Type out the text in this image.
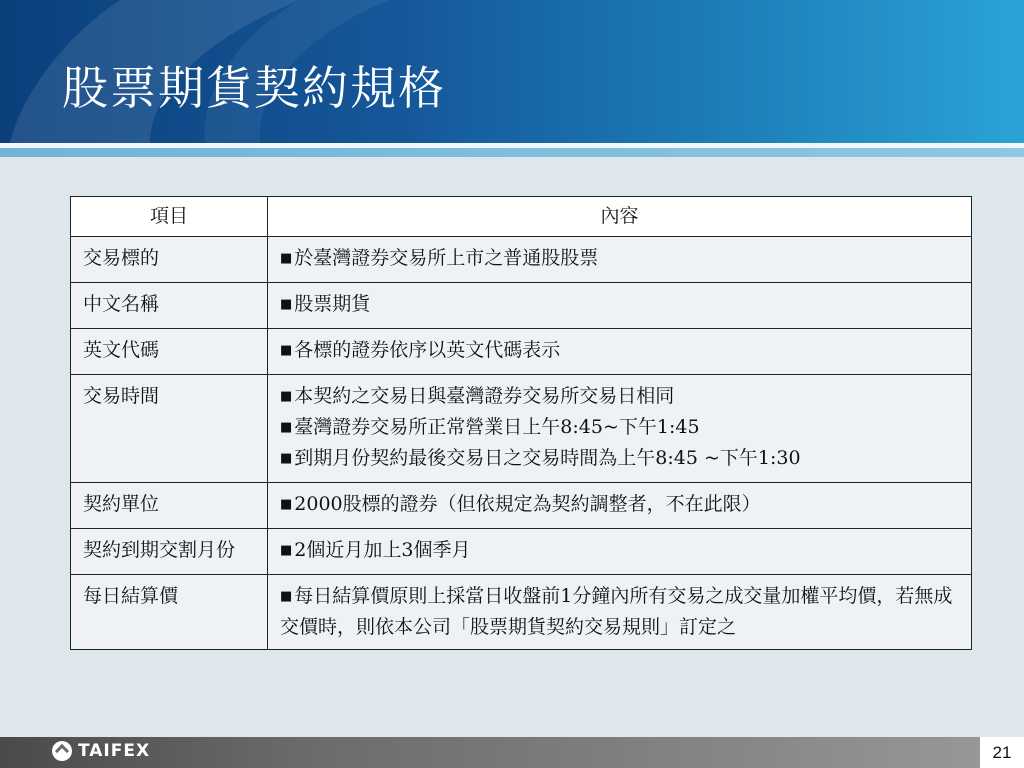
股票期貨契約規格
項目	內容
交易標的	■ 於臺灣證券交易所上市之普通股股票

中文名稱	■ 股票期貨

英文代碼	■ 各標的證券依序以英文代碼表示

交易時間	■ 本契約之交易日與臺灣證券交易所交易日相同
■ 臺灣證券交易所正常營業日上午8:45~下午1:45
■ 到期月份契約最後交易日之交易時間為上午8:45 ~下午1:30

契約單位	■ 2000股標的證券（但依規定為契約調整者，不在此限）

契約到期交割月份	■ 2個近月加上3個季月

每日結算價	■ 每日結算價原則上採當日收盤前1分鐘內所有交易之成交量加權平均價，若無成交價時，則依本公司「股票期貨契約交易規則」訂定之
TAIFEX	21
